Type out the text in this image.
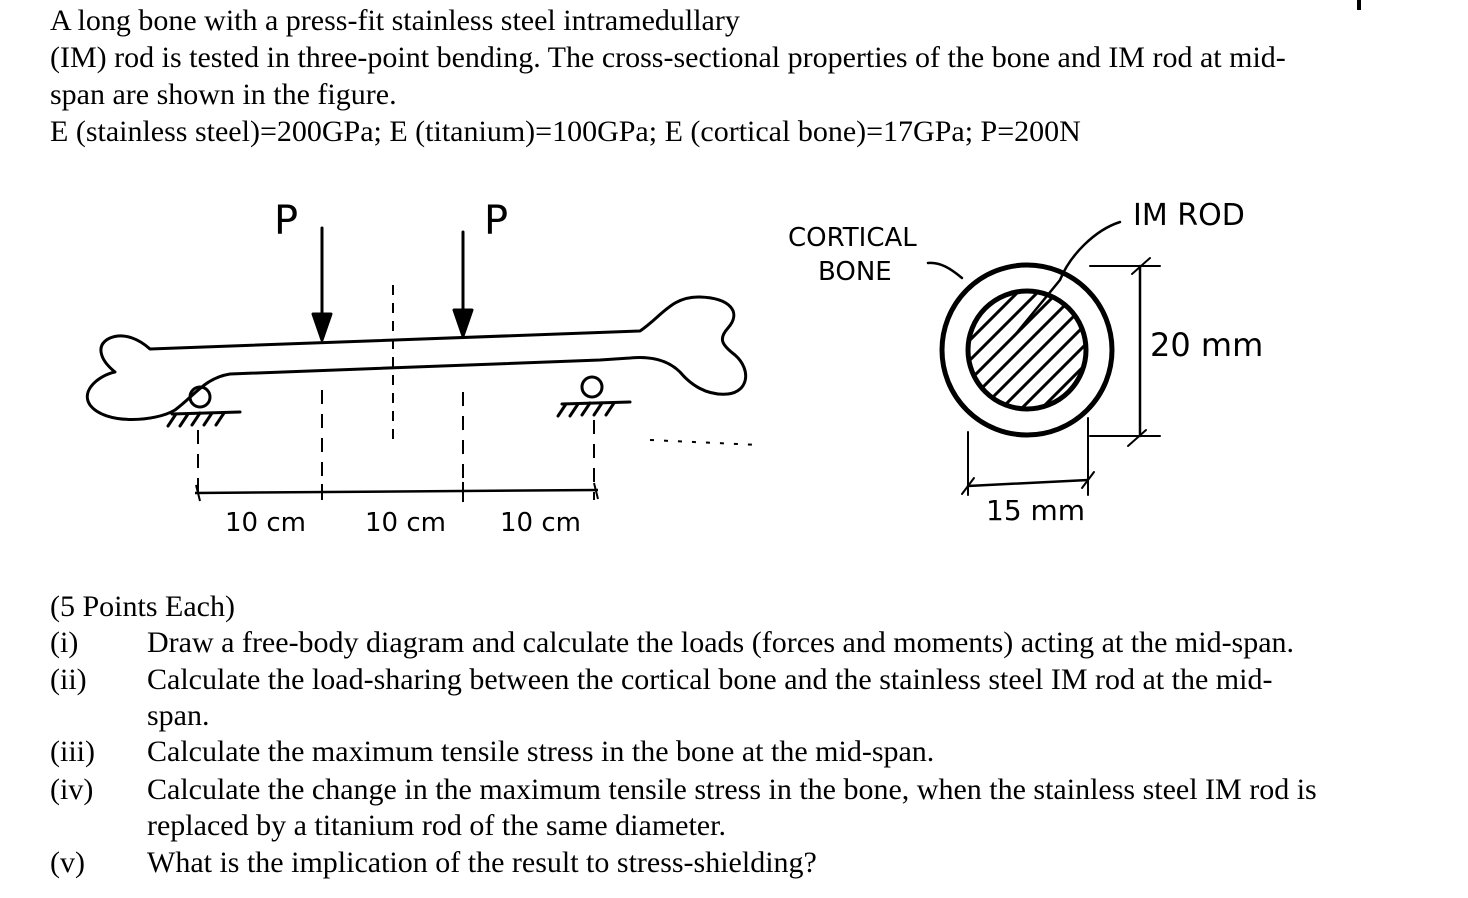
A long bone with a press-fit stainless steel intramedullary
(IM) rod is tested in three-point bending. The cross-sectional properties of the bone and IM rod at mid-
span are shown in the figure.
E (stainless steel)=200GPa; E (titanium)=100GPa; E (cortical bone)=17GPa; P=200N
P	P
10 cm 10 cm 10 cm
CORTICAL
BONE
IM ROD
20 mm
15 mm
(5 Points Each)
(i) Draw a free-body diagram and calculate the loads (forces and moments) acting at the mid-span.
(ii) Calculate the load-sharing between the cortical bone and the stainless steel IM rod at the mid-span.
(iii) Calculate the maximum tensile stress in the bone at the mid-span.
(iv) Calculate the change in the maximum tensile stress in the bone, when the stainless steel IM rod is replaced by a titanium rod of the same diameter.
(v) What is the implication of the result to stress-shielding?
